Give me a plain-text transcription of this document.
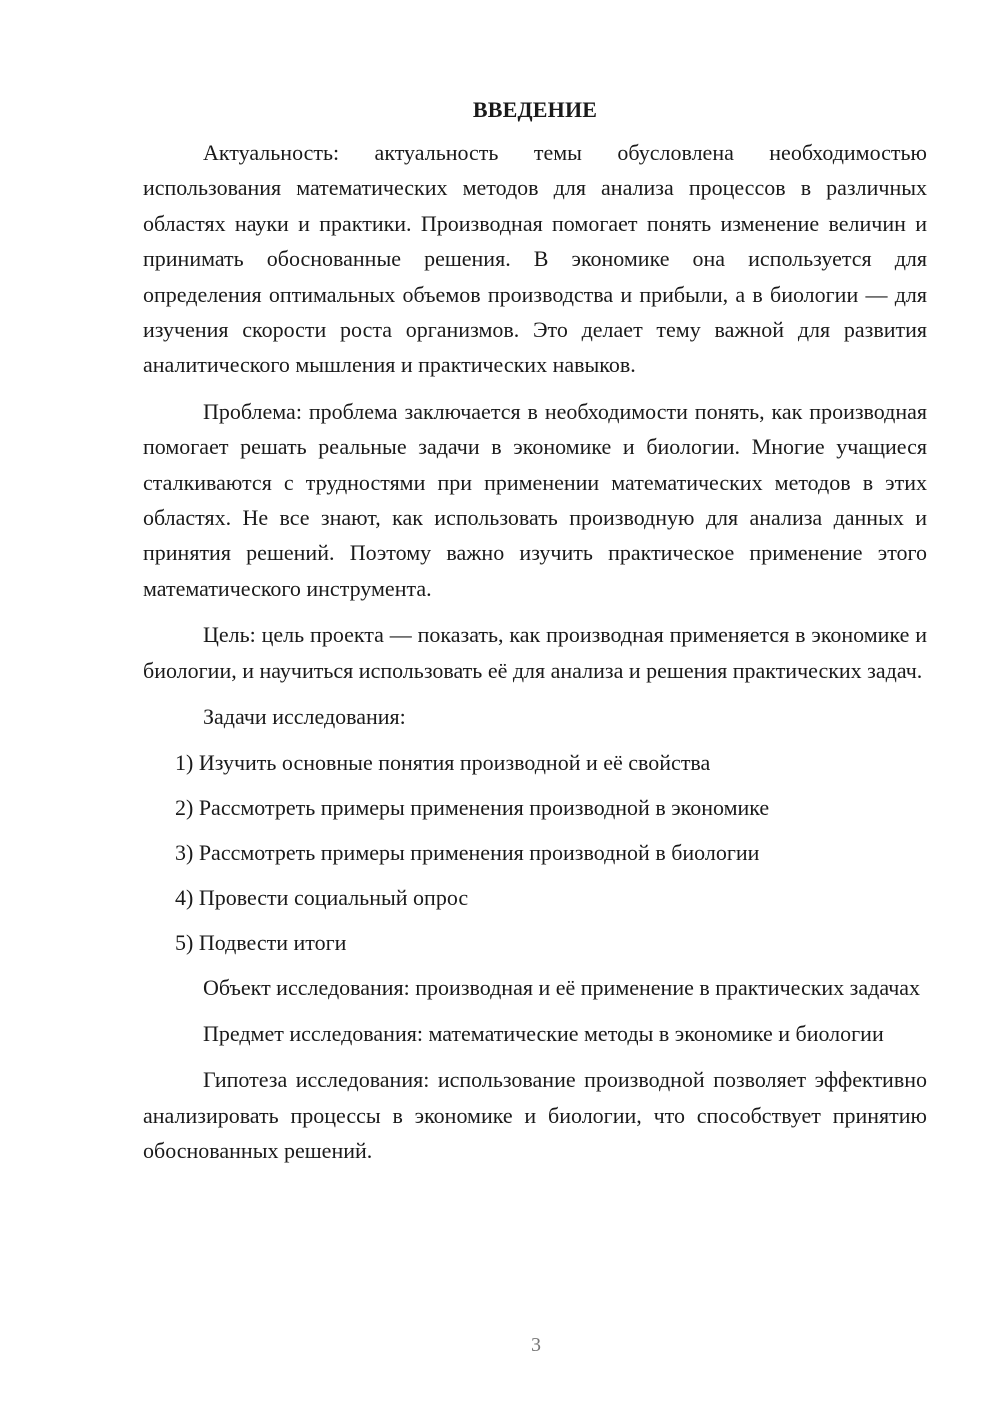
ВВЕДЕНИЕ

Актуальность: актуальность темы обусловлена необходимостью использования математических методов для анализа процессов в различных областях науки и практики. Производная помогает понять изменение величин и принимать обоснованные решения. В экономике она используется для определения оптимальных объемов производства и прибыли, а в биологии — для изучения скорости роста организмов. Это делает тему важной для развития аналитического мышления и практических навыков.

Проблема: проблема заключается в необходимости понять, как производная помогает решать реальные задачи в экономике и биологии. Многие учащиеся сталкиваются с трудностями при применении математических методов в этих областях. Не все знают, как использовать производную для анализа данных и принятия решений. Поэтому важно изучить практическое применение этого математического инструмента.

Цель: цель проекта — показать, как производная применяется в экономике и биологии, и научиться использовать её для анализа и решения практических задач.

Задачи исследования:

1) Изучить основные понятия производной и её свойства
2) Рассмотреть примеры применения производной в экономике
3) Рассмотреть примеры применения производной в биологии
4) Провести социальный опрос
5) Подвести итоги

Объект исследования: производная и её применение в практических задачах

Предмет исследования: математические методы в экономике и биологии

Гипотеза исследования: использование производной позволяет эффективно анализировать процессы в экономике и биологии, что способствует принятию обоснованных решений.

3
